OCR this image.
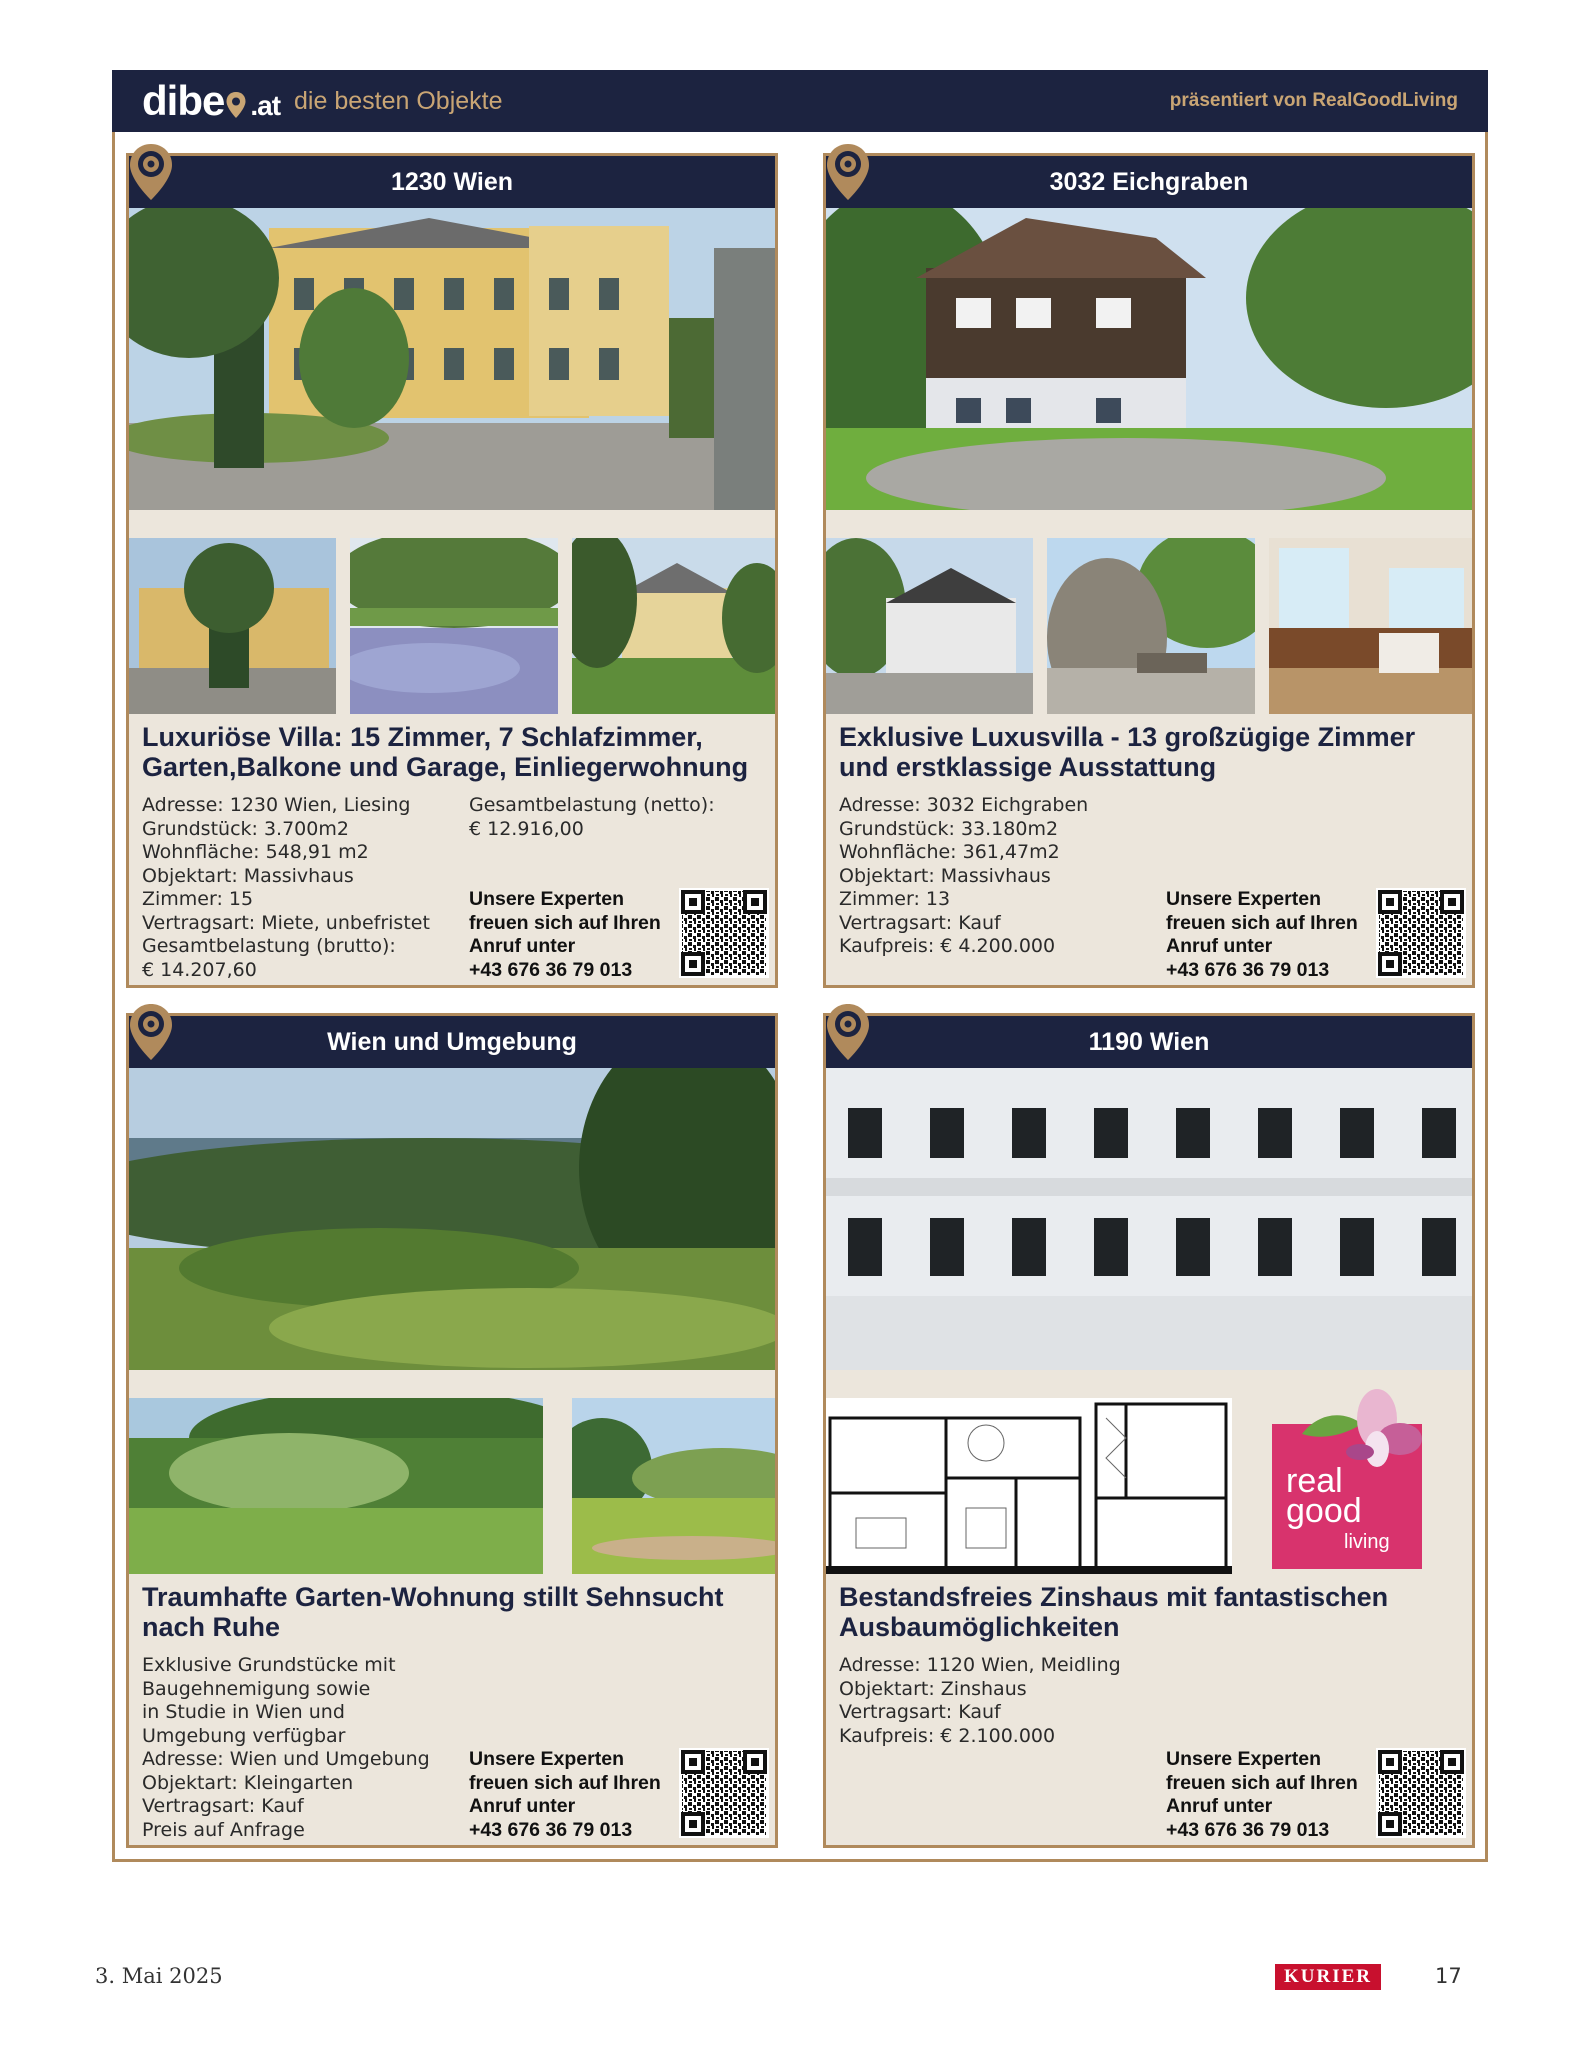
dibe .at die besten Objekte	präsentiert von RealGoodLiving
1230 Wien
Luxuriöse Villa: 15 Zimmer, 7 Schlafzimmer, Garten,Balkone und Garage, Einliegerwohnung
Adresse: 1230 Wien, Liesing
Grundstück: 3.700m2
Wohnfläche: 548,91 m2
Objektart: Massivhaus
Zimmer: 15
Vertragsart: Miete, unbefristet
Gesamtbelastung (brutto):
€ 14.207,60
Gesamtbelastung (netto):
€ 12.916,00
Unsere Experten
freuen sich auf Ihren
Anruf unter
+43 676 36 79 013
3032 Eichgraben
Exklusive Luxusvilla - 13 großzügige Zimmer und erstklassige Ausstattung
Adresse: 3032 Eichgraben
Grundstück: 33.180m2
Wohnfläche: 361,47m2
Objektart: Massivhaus
Zimmer: 13
Vertragsart: Kauf
Kaufpreis: € 4.200.000
Unsere Experten
freuen sich auf Ihren
Anruf unter
+43 676 36 79 013
Wien und Umgebung
Traumhafte Garten-Wohnung stillt Sehnsucht nach Ruhe
Exklusive Grundstücke mit
Baugehnemigung sowie
in Studie in Wien und
Umgebung verfügbar
Adresse: Wien und Umgebung
Objektart: Kleingarten
Vertragsart: Kauf
Preis auf Anfrage
Unsere Experten
freuen sich auf Ihren
Anruf unter
+43 676 36 79 013
1190 Wien
real
good
living
Bestandsfreies Zinshaus mit fantastischen Ausbaumöglichkeiten
Adresse: 1120 Wien, Meidling
Objektart: Zinshaus
Vertragsart: Kauf
Kaufpreis: € 2.100.000
Unsere Experten
freuen sich auf Ihren
Anruf unter
+43 676 36 79 013
3. Mai 2025	KURIER	17
